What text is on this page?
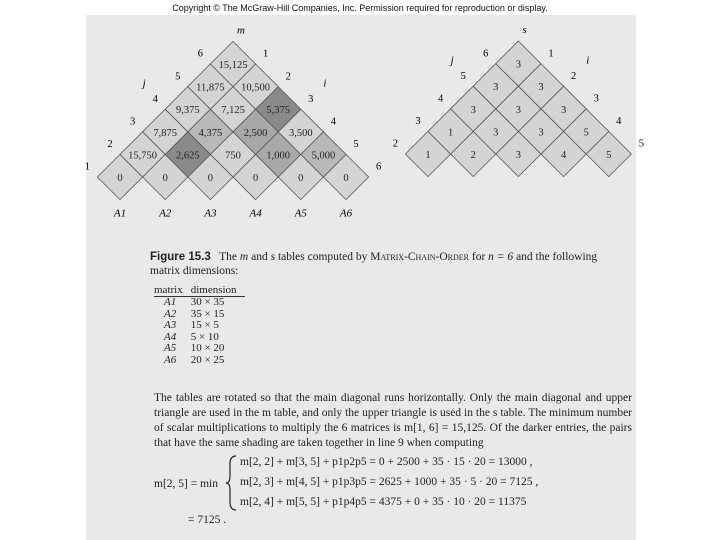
Copyright © The McGraw-Hill Companies, Inc. Permission required for reproduction or display.
0	0	0	0	0	0
15,750 2,625 750 1,000 5,000
7,875 4,375 2,500 3,500
9,375 7,125 5,375
11,875 10,500
15,125
m
6
5
4
3
2
1
1
2
3
4
5
6
j	i
A1	A2	A3	A4	A5	A6
1	2	3	4	5
1	3	3	5
3	3	3
3	3
3
s
6
5
4
3
2
1
2
3
4
5
j	i
Figure 15.3 The m and s tables computed by Matrix-Chain-Order for n = 6 and the following matrix dimensions:
matrix	dimension
A1	30 × 35
A2	35 × 15
A3	15 × 5
A4	5 × 10
A5	10 × 20
A6	20 × 25
The tables are rotated so that the main diagonal runs horizontally. Only the main diagonal and upper triangle are used in the m table, and only the upper triangle is used in the s table. The minimum number of scalar multiplications to multiply the 6 matrices is m[1, 6] = 15,125. Of the darker entries, the pairs that have the same shading are taken together in line 9 when computing
m[2, 5] = min
m[2, 2] + m[3, 5] + p1p2p5 = 0 + 2500 + 35 · 15 · 20 = 13000 ,
m[2, 3] + m[4, 5] + p1p3p5 = 2625 + 1000 + 35 · 5 · 20 = 7125 ,
m[2, 4] + m[5, 5] + p1p4p5 = 4375 + 0 + 35 · 10 · 20 = 11375
= 7125 .
